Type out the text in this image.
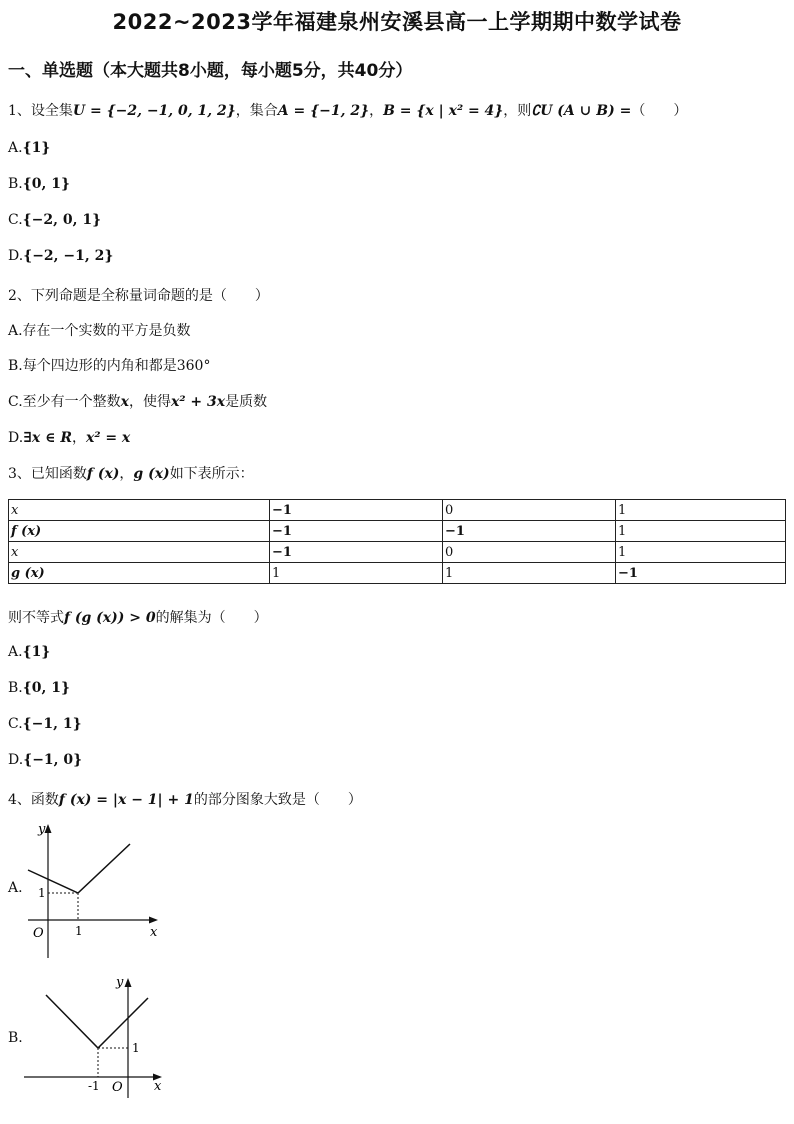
2022~2023学年福建泉州安溪县高一上学期期中数学试卷
一、单选题（本大题共8小题，每小题5分，共40分）
1、设全集U = {−2, −1, 0, 1, 2}，集合A = {−1, 2}，B = {x | x² = 4}，则∁U (A ∪ B) =（　　）
A.{1}
B.{0, 1}
C.{−2, 0, 1}
D.{−2, −1, 2}
2、下列命题是全称量词命题的是（　　）
A.存在一个实数的平方是负数
B.每个四边形的内角和都是360°
C.至少有一个整数x，使得x² + 3x是质数
D.∃x ∈ R，x² = x
3、已知函数f (x)，g (x)如下表所示：
x	−1	0	1
f (x)	−1	−1	1
x	−1	0	1
g (x)	1	1	−1
则不等式f (g (x)) > 0的解集为（　　）
A.{1}
B.{0, 1}
C.{−1, 1}
D.{−1, 0}
4、函数f (x) = |x − 1| + 1的部分图象大致是（　　）
A.
y
x
O
1
1
B.
y
x
O
1
-1
